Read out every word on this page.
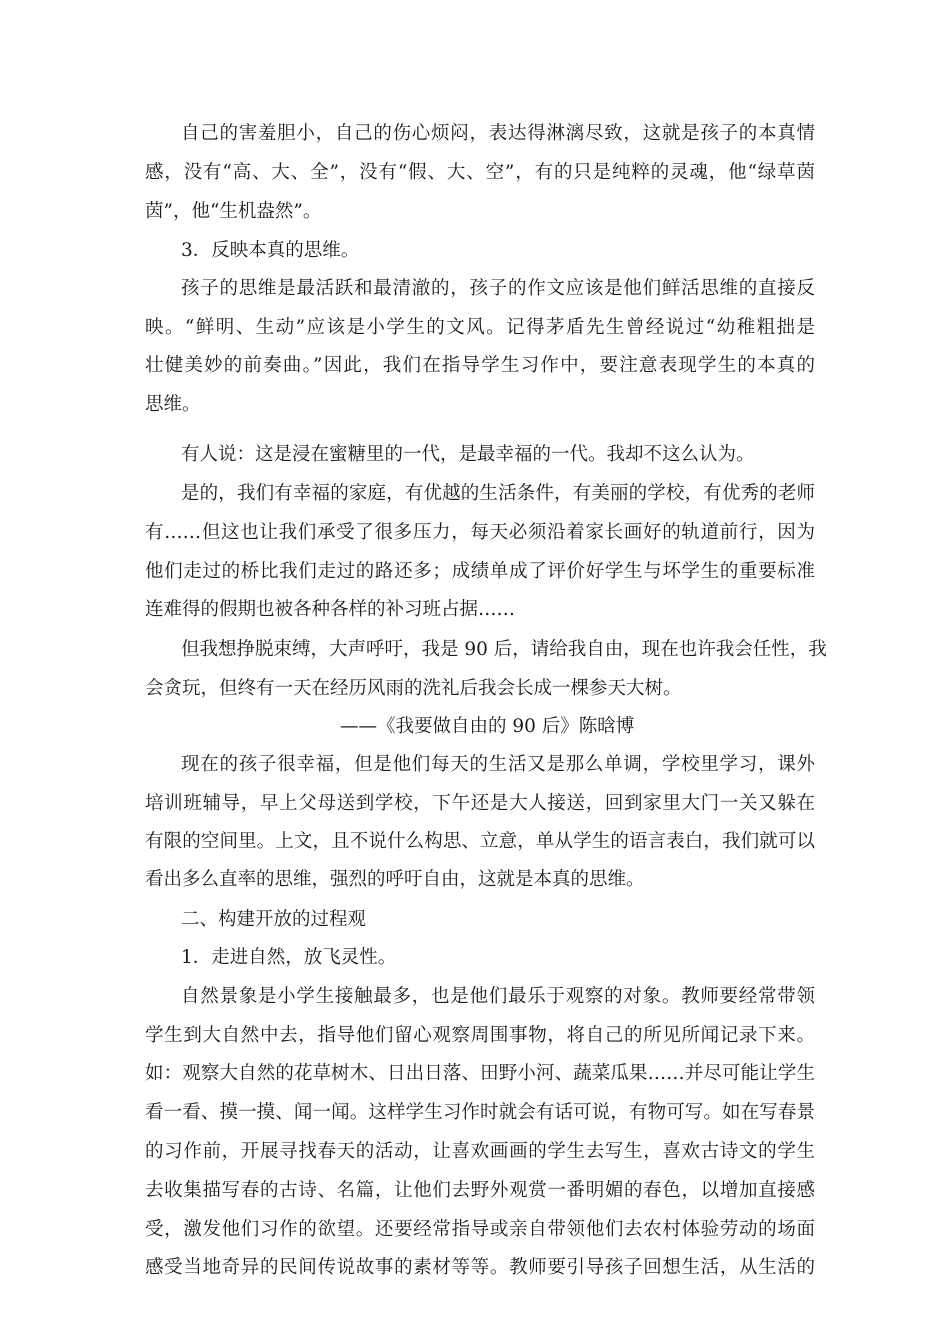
自己的害羞胆小，自己的伤心烦闷，表达得淋漓尽致，这就是孩子的本真情
感，没有“高、大、全”，没有“假、大、空”，有的只是纯粹的灵魂，他“绿草茵
茵”，他“生机盎然”。
3．反映本真的思维。
孩子的思维是最活跃和最清澈的，孩子的作文应该是他们鲜活思维的直接反
映。“鲜明、生动”应该是小学生的文风。记得茅盾先生曾经说过“幼稚粗拙是
壮健美妙的前奏曲。”因此，我们在指导学生习作中，要注意表现学生的本真的
思维。
有人说：这是浸在蜜糖里的一代，是最幸福的一代。我却不这么认为。
是的，我们有幸福的家庭，有优越的生活条件，有美丽的学校，有优秀的老师
有……但这也让我们承受了很多压力，每天必须沿着家长画好的轨道前行，因为
他们走过的桥比我们走过的路还多；成绩单成了评价好学生与坏学生的重要标准
连难得的假期也被各种各样的补习班占据……
但我想挣脱束缚，大声呼吁，我是 90 后，请给我自由，现在也许我会任性，我
会贪玩，但终有一天在经历风雨的洗礼后我会长成一棵参天大树。
——《我要做自由的 90 后》陈晗博
现在的孩子很幸福，但是他们每天的生活又是那么单调，学校里学习，课外
培训班辅导，早上父母送到学校，下午还是大人接送，回到家里大门一关又躲在
有限的空间里。上文，且不说什么构思、立意，单从学生的语言表白，我们就可以
看出多么直率的思维，强烈的呼吁自由，这就是本真的思维。
二、构建开放的过程观
1．走进自然，放飞灵性。
自然景象是小学生接触最多，也是他们最乐于观察的对象。教师要经常带领
学生到大自然中去，指导他们留心观察周围事物，将自己的所见所闻记录下来。
如：观察大自然的花草树木、日出日落、田野小河、蔬菜瓜果……并尽可能让学生
看一看、摸一摸、闻一闻。这样学生习作时就会有话可说，有物可写。如在写春景
的习作前，开展寻找春天的活动，让喜欢画画的学生去写生，喜欢古诗文的学生
去收集描写春的古诗、名篇，让他们去野外观赏一番明媚的春色，以增加直接感
受，激发他们习作的欲望。还要经常指导或亲自带领他们去农村体验劳动的场面
感受当地奇异的民间传说故事的素材等等。教师要引导孩子回想生活，从生活的
